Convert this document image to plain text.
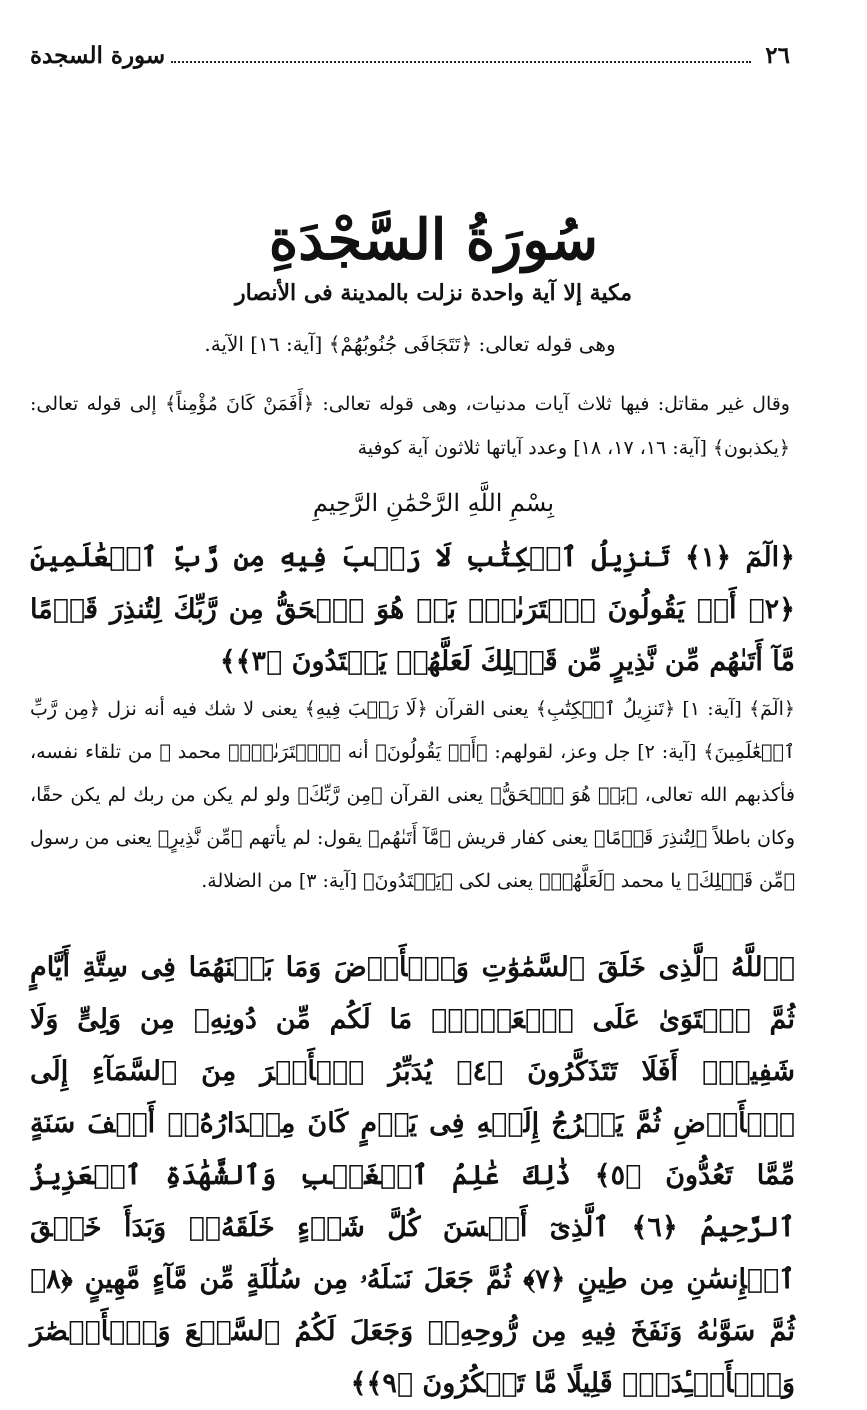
٢٦
سورة السجدة
سُورَةُ السَّجْدَةِ
مكية إلا آية واحدة نزلت بالمدينة فى الأنصار
وهى قوله تعالى: ﴿تَتَجَافَى جُنُوبُهُمْ﴾ [آية: ١٦] الآية.
وقال غير مقاتل: فيها ثلاث آيات مدنيات، وهى قوله تعالى: ﴿أَفَمَنْ كَانَ مُؤْمِناً﴾ إلى قوله تعالى: ﴿يكذبون﴾ [آية: ١٦، ١٧، ١٨] وعدد آياتها ثلاثون آية كوفية
بِسْمِ اللَّهِ الرَّحْمَٰنِ الرَّحِيمِ
﴿الٓمٓ ﴿١﴾ تَنزِيلُ ٱلۡكِتَٰبِ لَا رَيۡبَ فِيهِ مِن رَّبِّ ٱلۡعَٰلَمِينَ ﴿٢﴾ أَمۡ يَقُولُونَ ٱفۡتَرَىٰهُۚ بَلۡ هُوَ ٱلۡحَقُّ مِن رَّبِّكَ لِتُنذِرَ قَوۡمًا مَّآ أَتَىٰهُم مِّن نَّذِيرٍ مِّن قَبۡلِكَ لَعَلَّهُمۡ يَهۡتَدُونَ ﴿٣﴾﴾
﴿الٓمٓ﴾ [آية: ١] ﴿تَنزِيلُ ٱلۡكِتَٰبِ﴾ يعنى القرآن ﴿لَا رَيۡبَ فِيهِ﴾ يعنى لا شك فيه أنه نزل ﴿مِن رَّبِّ ٱلۡعَٰلَمِينَ﴾ [آية: ٢] جل وعز، لقولهم: ﴿أَمۡ يَقُولُونَ﴾ أنه ﴿ٱفۡتَرَىٰهُۚ﴾ محمد ﷺ من تلقاء نفسه، فأكذبهم الله تعالى، ﴿بَلۡ هُوَ ٱلۡحَقُّ﴾ يعنى القرآن ﴿مِن رَّبِّكَ﴾ ولو لم يكن من ربك لم يكن حقًا، وكان باطلاً ﴿لِتُنذِرَ قَوۡمًا﴾ يعنى كفار قريش ﴿مَّآ أَتَىٰهُم﴾ يقول: لم يأتهم ﴿مِّن نَّذِيرٍ﴾ يعنى من رسول ﴿مِّن قَبۡلِكَ﴾ يا محمد ﴿لَعَلَّهُمۡ﴾ يعنى لكى ﴿يَهۡتَدُونَ﴾ [آية: ٣] من الضلالة.
﴿ٱللَّهُ ٱلَّذِى خَلَقَ ٱلسَّمَٰوَٰتِ وَٱلۡأَرۡضَ وَمَا بَيۡنَهُمَا فِى سِتَّةِ أَيَّامٍ ثُمَّ ٱسۡتَوَىٰ عَلَى ٱلۡعَرۡشِۖ مَا لَكُم مِّن دُونِهِۦ مِن وَلِىٍّ وَلَا شَفِيعٍۚ أَفَلَا تَتَذَكَّرُونَ ﴿٤﴾ يُدَبِّرُ ٱلۡأَمۡرَ مِنَ ٱلسَّمَآءِ إِلَى ٱلۡأَرۡضِ ثُمَّ يَعۡرُجُ إِلَيۡهِ فِى يَوۡمٍ كَانَ مِقۡدَارُهُۥٓ أَلۡفَ سَنَةٍ مِّمَّا تَعُدُّونَ ﴿٥﴾ ذَٰلِكَ عَٰلِمُ ٱلۡغَيۡبِ وَٱلشَّهَٰدَةِ ٱلۡعَزِيزُ ٱلرَّحِيمُ ﴿٦﴾ ٱلَّذِىٓ أَحۡسَنَ كُلَّ شَىۡءٍ خَلَقَهُۥۖ وَبَدَأَ خَلۡقَ ٱلۡإِنسَٰنِ مِن طِينٍ ﴿٧﴾ ثُمَّ جَعَلَ نَسۡلَهُۥ مِن سُلَٰلَةٍ مِّن مَّآءٍ مَّهِينٍ ﴿٨﴾ ثُمَّ سَوَّىٰهُ وَنَفَخَ فِيهِ مِن رُّوحِهِۦۖ وَجَعَلَ لَكُمُ ٱلسَّمۡعَ وَٱلۡأَبۡصَٰرَ وَٱلۡأَفۡـِٔدَةَۚ قَلِيلًا مَّا تَشۡكُرُونَ ﴿٩﴾﴾
